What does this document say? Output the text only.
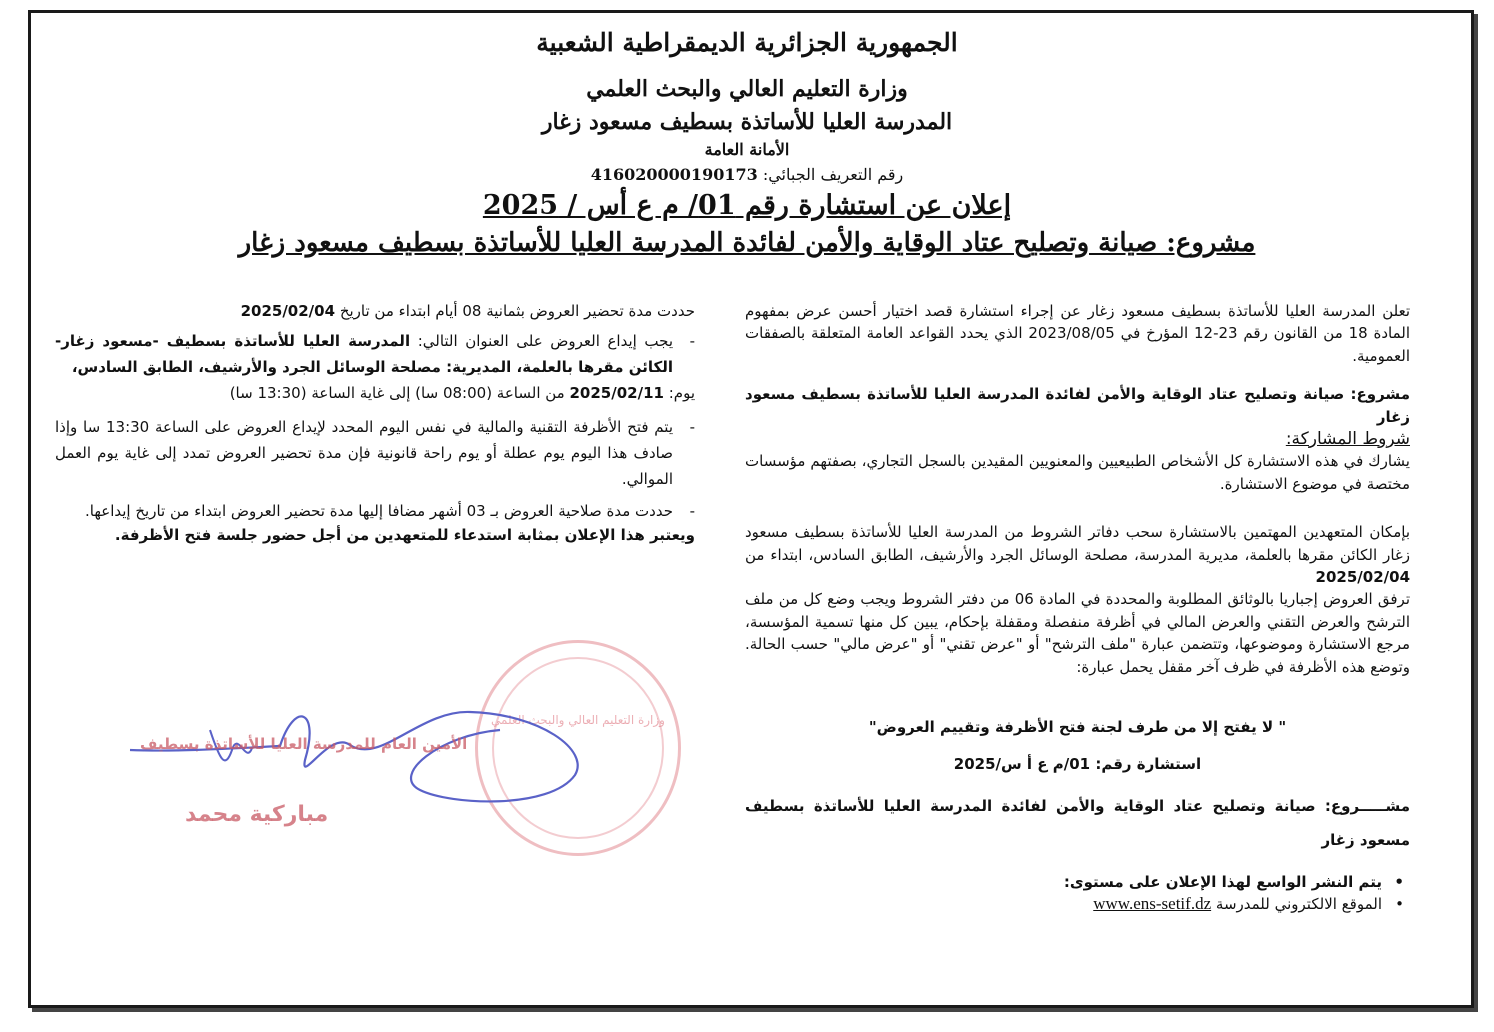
الجمهورية الجزائرية الديمقراطية الشعبية
وزارة التعليم العالي والبحث العلمي
المدرسة العليا للأساتذة بسطيف مسعود زغار
الأمانة العامة
رقم التعريف الجبائي: 416020000190173
إعلان عن استشارة رقم 01/ م ع أس / 2025
مشروع: صيانة وتصليح عتاد الوقاية والأمن لفائدة المدرسة العليا للأساتذة بسطيف مسعود زغار

تعلن المدرسة العليا للأساتذة بسطيف مسعود زغار عن إجراء استشارة قصد اختيار أحسن عرض بمفهوم المادة 18 من القانون رقم 23-12 المؤرخ في 2023/08/05 الذي يحدد القواعد العامة المتعلقة بالصفقات العمومية.

مشروع: صيانة وتصليح عتاد الوقاية والأمن لفائدة المدرسة العليا للأساتذة بسطيف مسعود زغار

شروط المشاركة:

يشارك في هذه الاستشارة كل الأشخاص الطبيعيين والمعنويين المقيدين بالسجل التجاري، بصفتهم مؤسسات مختصة في موضوع الاستشارة.

بإمكان المتعهدين المهتمين بالاستشارة سحب دفاتر الشروط من المدرسة العليا للأساتذة بسطيف مسعود زغار الكائن مقرها بالعلمة، مديرية المدرسة، مصلحة الوسائل الجرد والأرشيف، الطابق السادس، ابتداء من 2025/02/04

ترفق العروض إجباريا بالوثائق المطلوبة والمحددة في المادة 06 من دفتر الشروط ويجب وضع كل من ملف الترشح والعرض التقني والعرض المالي في أظرفة منفصلة ومقفلة بإحكام، يبين كل منها تسمية المؤسسة، مرجع الاستشارة وموضوعها، وتتضمن عبارة "ملف الترشح" أو "عرض تقني" أو "عرض مالي" حسب الحالة. وتوضع هذه الأظرفة في ظرف آخر مقفل يحمل عبارة:

" لا يفتح إلا من طرف لجنة فتح الأظرفة وتقييم العروض"

استشارة رقم: 01/م ع أ س/2025

مشـــــروع: صيانة وتصليح عتاد الوقاية والأمن لفائدة المدرسة العليا للأساتذة بسطيف مسعود زغار

• يتم النشر الواسع لهذا الإعلان على مستوى:

• الموقع الالكتروني للمدرسة www.ens-setif.dz

حددت مدة تحضير العروض بثمانية 08 أيام ابتداء من تاريخ 2025/02/04

- يجب إيداع العروض على العنوان التالي: المدرسة العليا للأساتذة بسطيف -مسعود زغار- الكائن مقرها بالعلمة، المديرية: مصلحة الوسائل الجرد والأرشيف، الطابق السادس،

يوم: 2025/02/11 من الساعة (08:00 سا) إلى غاية الساعة (13:30 سا)

- يتم فتح الأظرفة التقنية والمالية في نفس اليوم المحدد لإيداع العروض على الساعة 13:30 سا وإذا صادف هذا اليوم يوم عطلة أو يوم راحة قانونية فإن مدة تحضير العروض تمدد إلى غاية يوم العمل الموالي.

- حددت مدة صلاحية العروض بـ 03 أشهر مضافا إليها مدة تحضير العروض ابتداء من تاريخ إيداعها.

ويعتبر هذا الإعلان بمثابة استدعاء للمتعهدين من أجل حضور جلسة فتح الأظرفة.

وزارة التعليم العالي والبحث العلمي
الأمين العام للمدرسة العليا للأساتذة بسطيف
مباركية محمد
